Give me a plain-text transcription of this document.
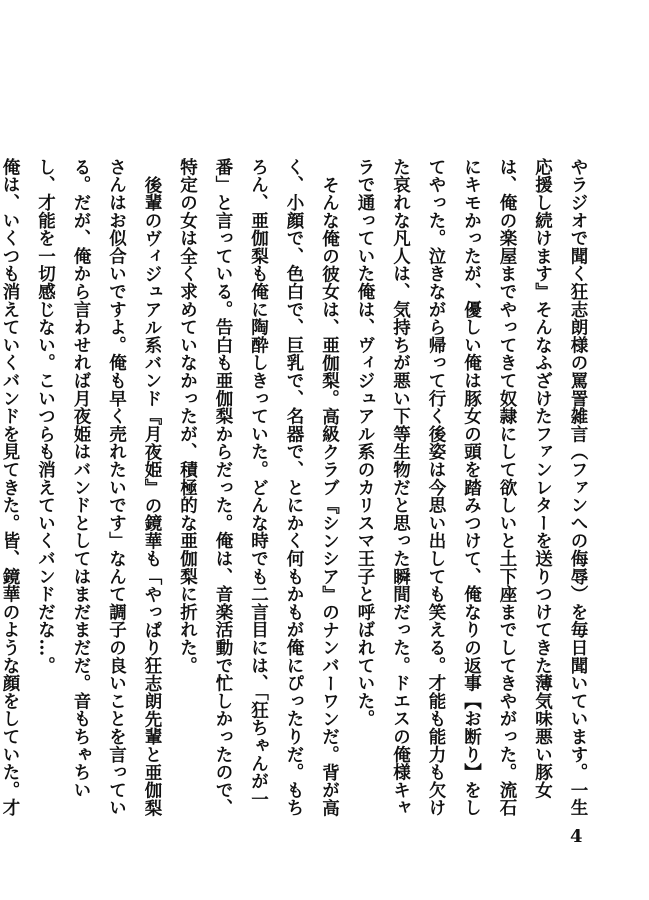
やラジオで聞く狂志朗様の罵詈雑言（ファンへの侮辱）を毎日聞いています。一生応援し続けます』そんなふざけたファンレターを送りつけてきた薄気味悪い豚女は、俺の楽屋までやってきて奴隷にして欲しいと土下座までしてきやがった。流石にキモかったが、優しい俺は豚女の頭を踏みつけて、俺なりの返事【お断り】をしてやった。泣きながら帰って行く後姿は今思い出しても笑える。才能も能力も欠けた哀れな凡人は、気持ちが悪い下等生物だと思った瞬間だった。ドエスの俺様キャラで通っていた俺は、ヴィジュアル系のカリスマ王子と呼ばれていた。

そんな俺の彼女は、亜伽梨。高級クラブ『シンシア』のナンバーワンだ。背が高く、小顔で、色白で、巨乳で、名器で、とにかく何もかもが俺にぴったりだ。もちろん、亜伽梨も俺に陶酔しきっていた。どんな時でも二言目には、「狂ちゃんが一番」と言っている。告白も亜伽梨からだった。俺は、音楽活動で忙しかったので、特定の女は全く求めていなかったが、積極的な亜伽梨に折れた。

後輩のヴィジュアル系バンド『月夜姫』の鏡華も「やっぱり狂志朗先輩と亜伽梨さんはお似合いですよ。俺も早く売れたいです」なんて調子の良いことを言っている。だが、俺から言わせれば月夜姫はバンドとしてはまだまだだ。音もちゃちいし、才能を一切感じない。こいつらも消えていくバンドだな…。

俺は、いくつも消えていくバンドを見てきた。皆、鏡華のような顔をしていた。才

4
